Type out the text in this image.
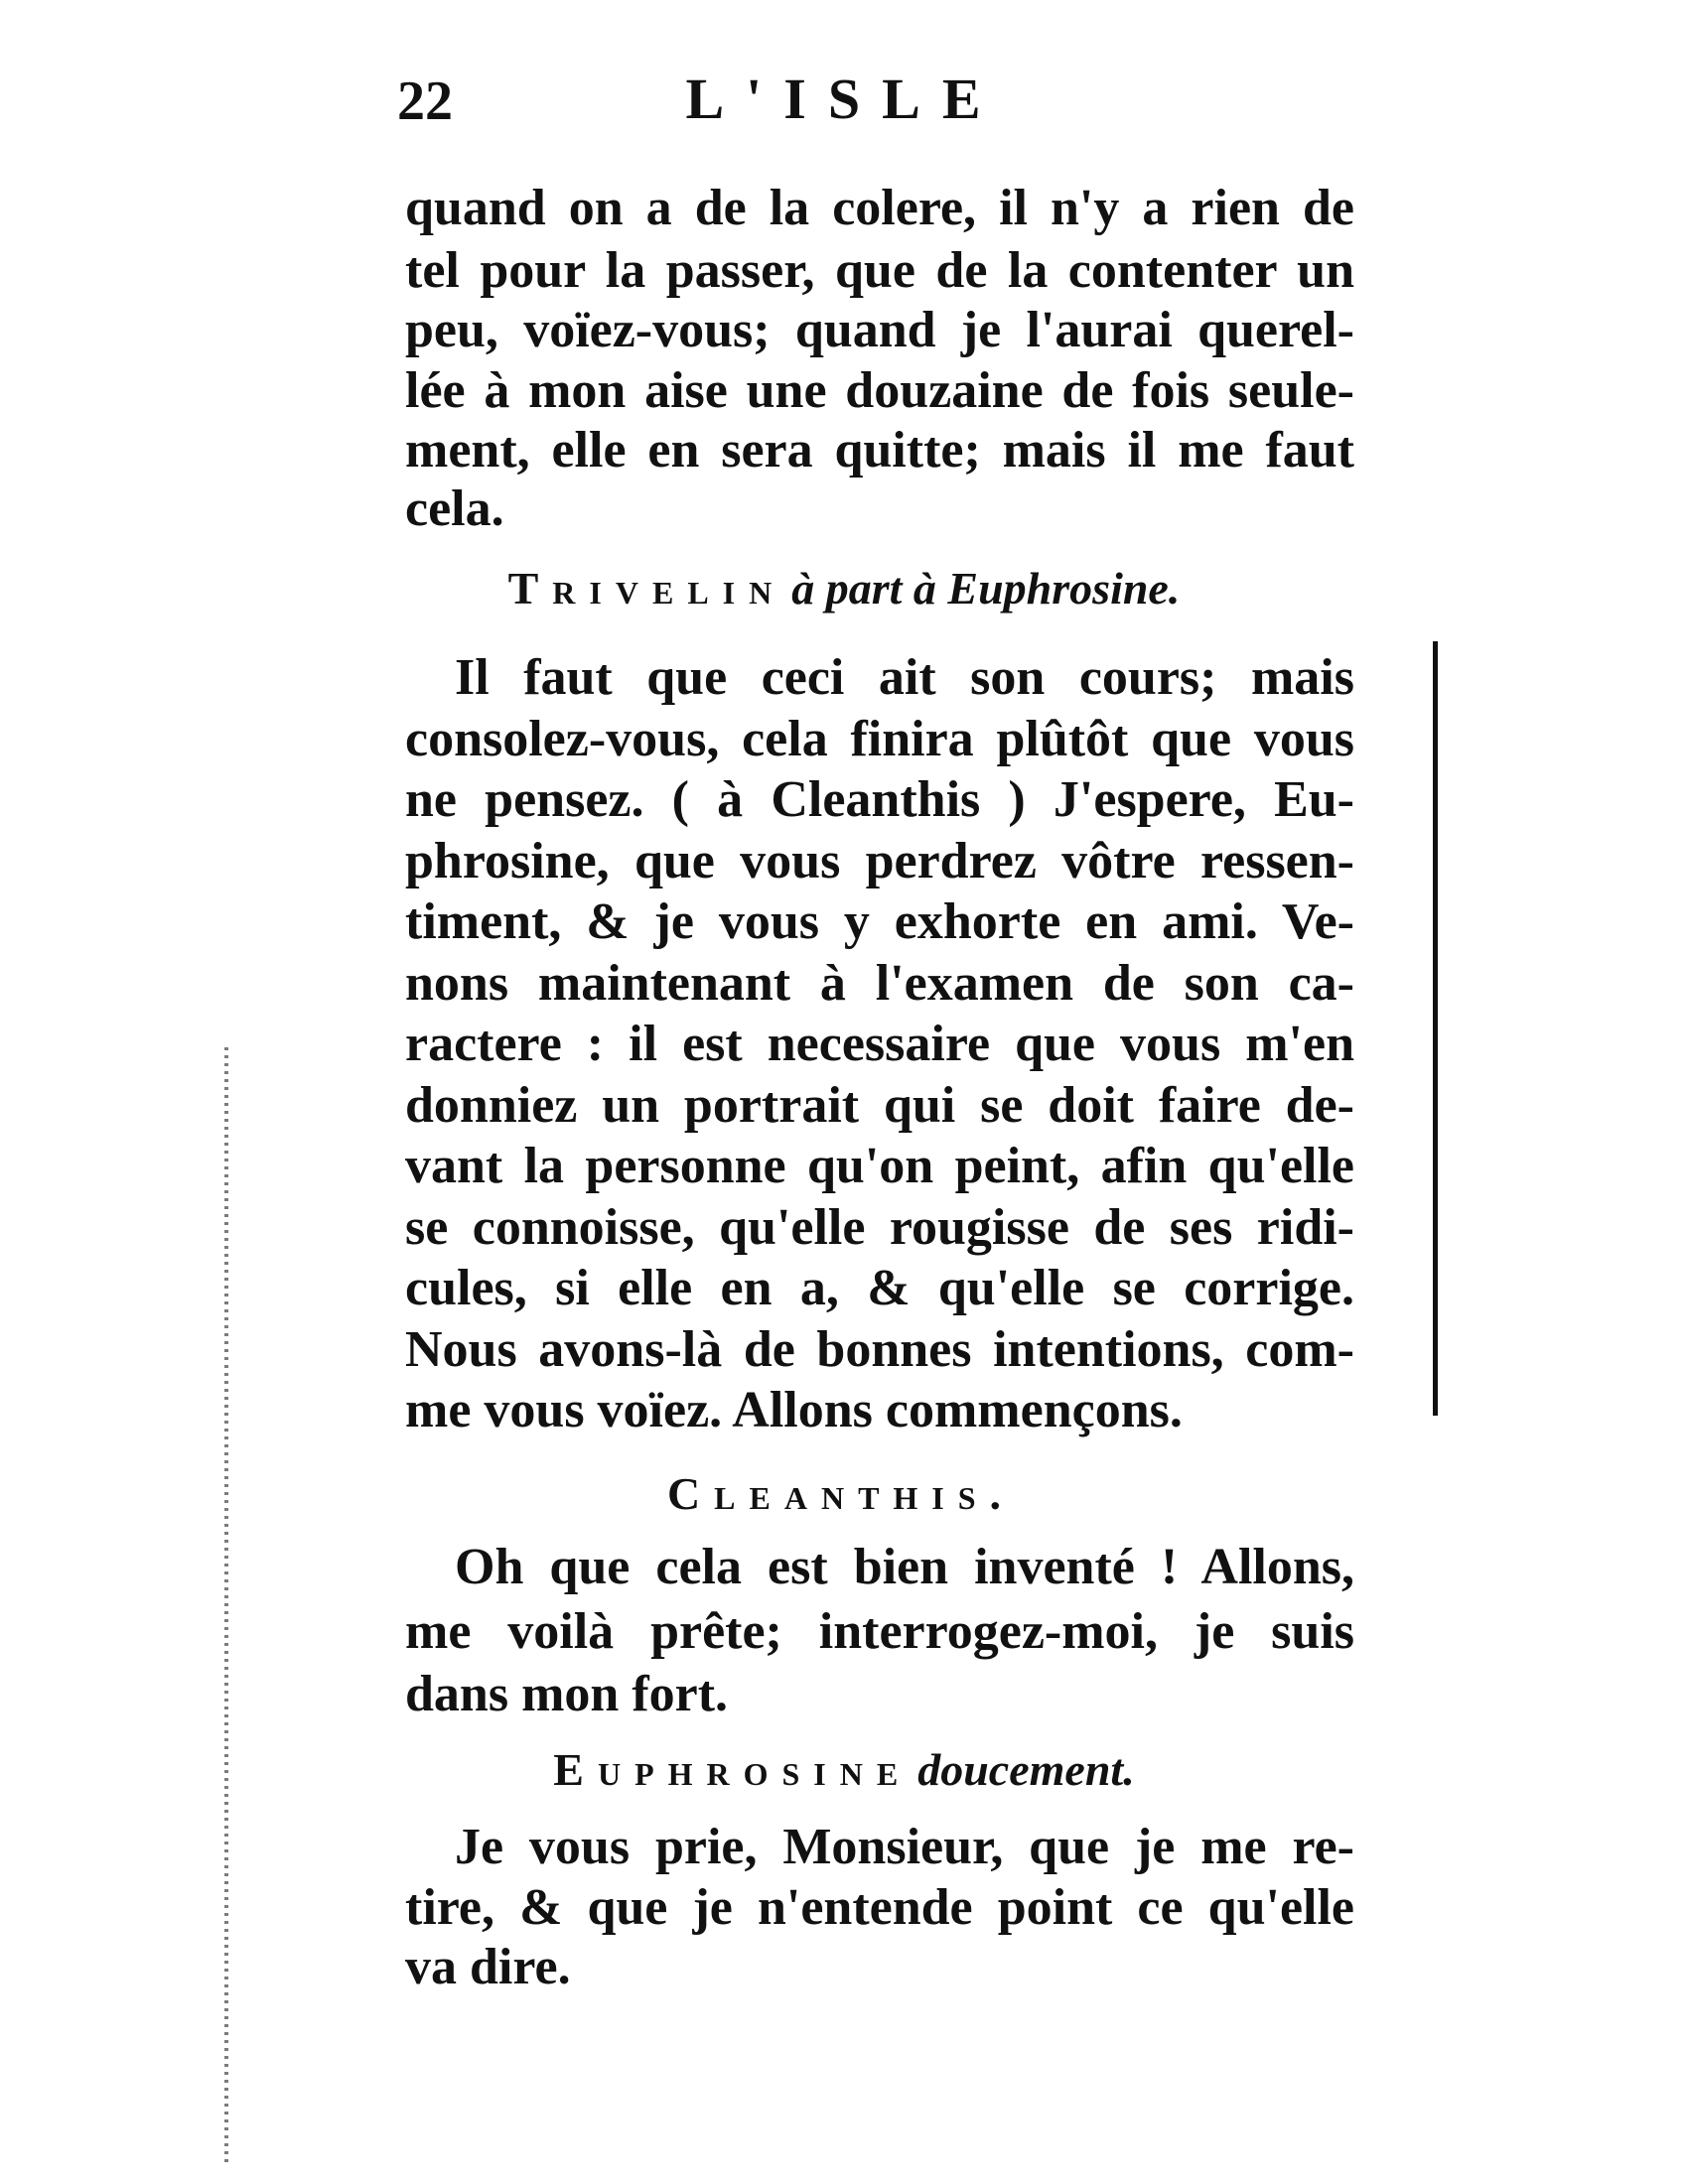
22	L'ISLE
quand on a de la colere, il n'y a rien de
tel pour la passer, que de la contenter un
peu, voïez-vous; quand je l'aurai querel-
lée à mon aise une douzaine de fois seule-
ment, elle en sera quitte; mais il me faut
cela.
Trivelin à part à Euphrosine.
Il faut que ceci ait son cours; mais
consolez-vous, cela finira plûtôt que vous
ne pensez. ( à Cleanthis ) J'espere, Eu-
phrosine, que vous perdrez vôtre ressen-
timent, & je vous y exhorte en ami. Ve-
nons maintenant à l'examen de son ca-
ractere : il est necessaire que vous m'en
donniez un portrait qui se doit faire de-
vant la personne qu'on peint, afin qu'elle
se connoisse, qu'elle rougisse de ses ridi-
cules, si elle en a, & qu'elle se corrige.
Nous avons-là de bonnes intentions, com-
me vous voïez. Allons commençons.
Cleanthis.
Oh que cela est bien inventé ! Allons,
me voilà prête; interrogez-moi, je suis
dans mon fort.
Euphrosine doucement.
Je vous prie, Monsieur, que je me re-
tire, & que je n'entende point ce qu'elle
va dire.
